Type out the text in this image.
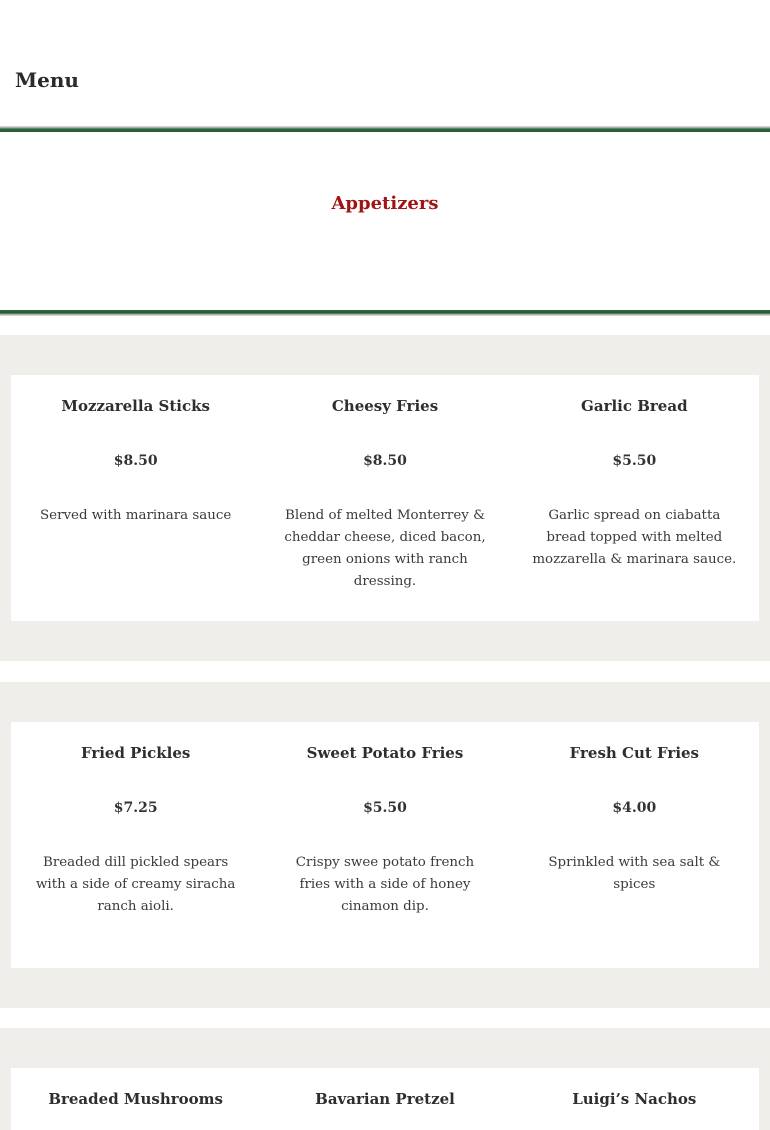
Menu
Appetizers
Mozzarella Sticks
$8.50
Served with marinara sauce
Cheesy Fries
$8.50
Blend of melted Monterrey & cheddar cheese, diced bacon, green onions with ranch dressing.
Garlic Bread
$5.50
Garlic spread on ciabatta bread topped with melted mozzarella & marinara sauce.
Fried Pickles
$7.25
Breaded dill pickled spears with a side of creamy siracha ranch aioli.
Sweet Potato Fries
$5.50
Crispy swee potato french fries with a side of honey cinamon dip.
Fresh Cut Fries
$4.00
Sprinkled with sea salt & spices
Breaded Mushrooms	Bavarian Pretzel	Luigi’s Nachos
